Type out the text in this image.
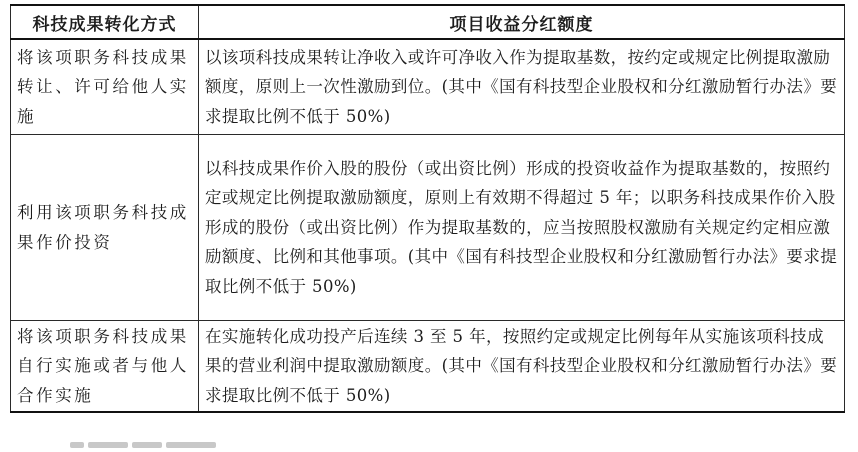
科技成果转化方式	项目收益分红额度
将该项职务科技成果转让、许可给他人实施	以该项科技成果转让净收入或许可净收入作为提取基数，按约定或规定比例提取激励额度，原则上一次性激励到位。(其中《国有科技型企业股权和分红激励暂行办法》要求提取比例不低于 50%)
利用该项职务科技成果作价投资	以科技成果作价入股的股份（或出资比例）形成的投资收益作为提取基数的，按照约定或规定比例提取激励额度，原则上有效期不得超过 5 年；以职务科技成果作价入股形成的股份（或出资比例）作为提取基数的，应当按照股权激励有关规定约定相应激励额度、比例和其他事项。(其中《国有科技型企业股权和分红激励暂行办法》要求提取比例不低于 50%)
将该项职务科技成果自行实施或者与他人合作实施	在实施转化成功投产后连续 3 至 5 年，按照约定或规定比例每年从实施该项科技成果的营业利润中提取激励额度。(其中《国有科技型企业股权和分红激励暂行办法》要求提取比例不低于 50%)
